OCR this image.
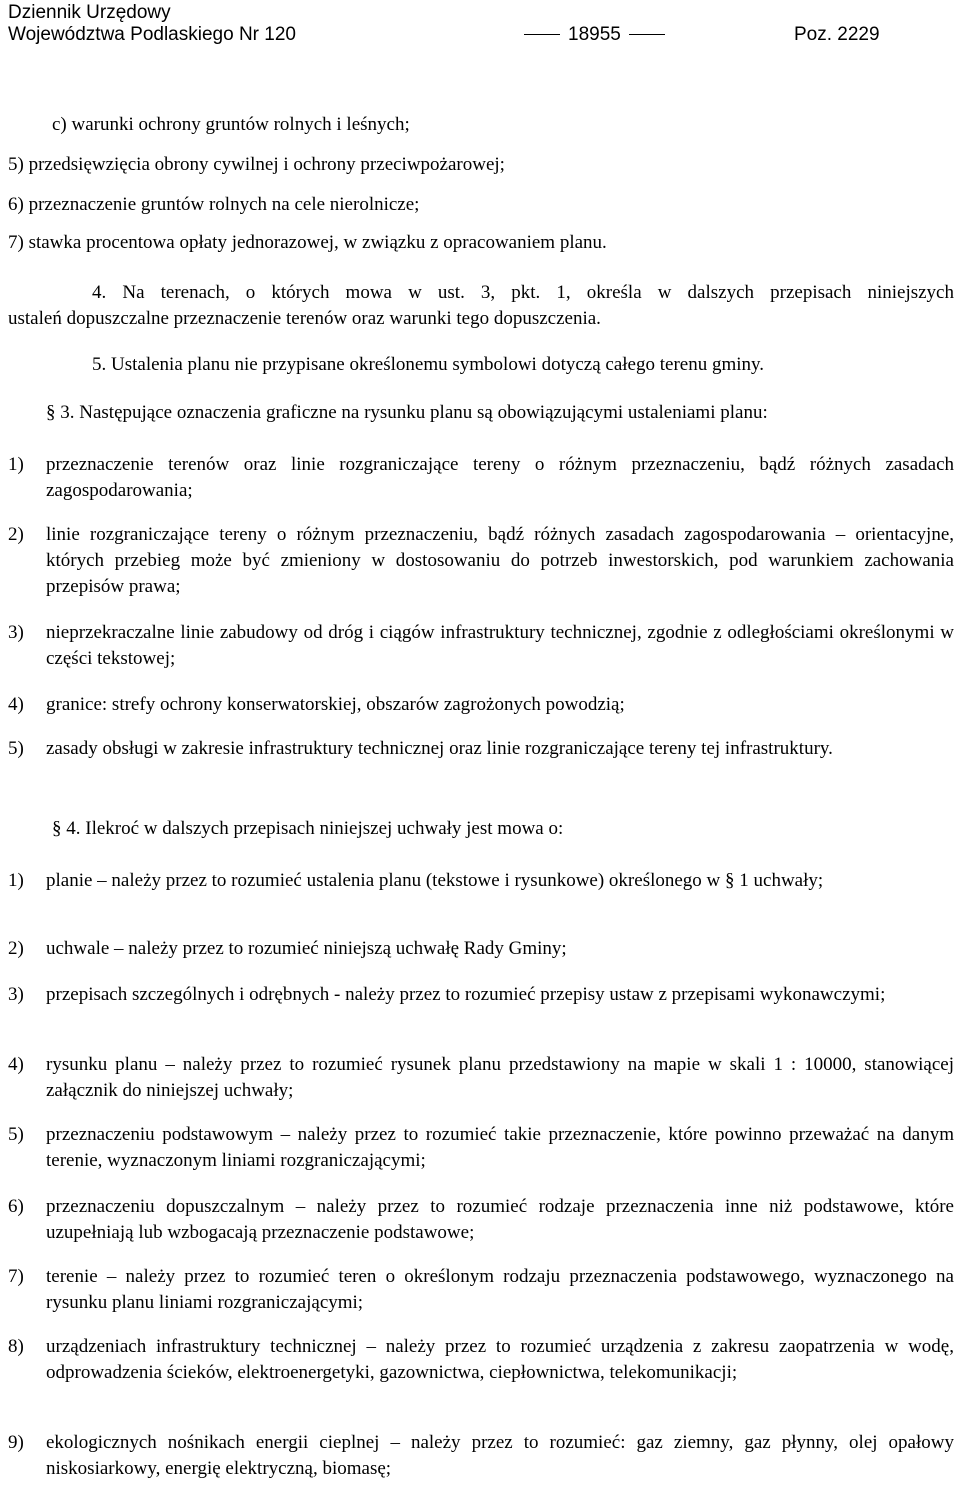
Dziennik Urzędowy
Województwa Podlaskiego Nr 120	18955	Poz. 2229
c) warunki ochrony gruntów rolnych i leśnych;
5) przedsięwzięcia obrony cywilnej i ochrony przeciwpożarowej;
6) przeznaczenie gruntów rolnych na cele nierolnicze;
7) stawka procentowa opłaty jednorazowej, w związku z opracowaniem planu.
4. Na terenach, o których mowa w ust. 3, pkt. 1, określa w dalszych przepisach niniejszych
ustaleń dopuszczalne przeznaczenie terenów oraz warunki tego dopuszczenia.
5. Ustalenia planu nie przypisane określonemu symbolowi dotyczą całego terenu gminy.
§ 3. Następujące oznaczenia graficzne na rysunku planu są obowiązującymi ustaleniami planu:
1) przeznaczenie terenów oraz linie rozgraniczające tereny o różnym przeznaczeniu, bądź różnych zasadach zagospodarowania;
2) linie rozgraniczające tereny o różnym przeznaczeniu, bądź różnych zasadach zagospodarowania – orientacyjne, których przebieg może być zmieniony w dostosowaniu do potrzeb inwestorskich, pod warunkiem zachowania przepisów prawa;
3) nieprzekraczalne linie zabudowy od dróg i ciągów infrastruktury technicznej, zgodnie z odległościami określonymi w części tekstowej;
4) granice: strefy ochrony konserwatorskiej, obszarów zagrożonych powodzią;
5) zasady obsługi w zakresie infrastruktury technicznej oraz linie rozgraniczające tereny tej infrastruktury.
§ 4. Ilekroć w dalszych przepisach niniejszej uchwały jest mowa o:
1) planie – należy przez to rozumieć ustalenia planu (tekstowe i rysunkowe) określonego w § 1 uchwały;
2) uchwale – należy przez to rozumieć niniejszą uchwałę Rady Gminy;
3) przepisach szczególnych i odrębnych - należy przez to rozumieć przepisy ustaw z przepisami wykonawczymi;
4) rysunku planu – należy przez to rozumieć rysunek planu przedstawiony na mapie w skali 1 : 10000, stanowiącej załącznik do niniejszej uchwały;
5) przeznaczeniu podstawowym – należy przez to rozumieć takie przeznaczenie, które powinno przeważać na danym terenie, wyznaczonym liniami rozgraniczającymi;
6) przeznaczeniu dopuszczalnym – należy przez to rozumieć rodzaje przeznaczenia inne niż podstawowe, które uzupełniają lub wzbogacają przeznaczenie podstawowe;
7) terenie – należy przez to rozumieć teren o określonym rodzaju przeznaczenia podstawowego, wyznaczonego na rysunku planu liniami rozgraniczającymi;
8) urządzeniach infrastruktury technicznej – należy przez to rozumieć urządzenia z zakresu zaopatrzenia w wodę, odprowadzenia ścieków, elektroenergetyki, gazownictwa, ciepłownictwa, telekomunikacji;
9) ekologicznych nośnikach energii cieplnej – należy przez to rozumieć: gaz ziemny, gaz płynny, olej opałowy niskosiarkowy, energię elektryczną, biomasę;
